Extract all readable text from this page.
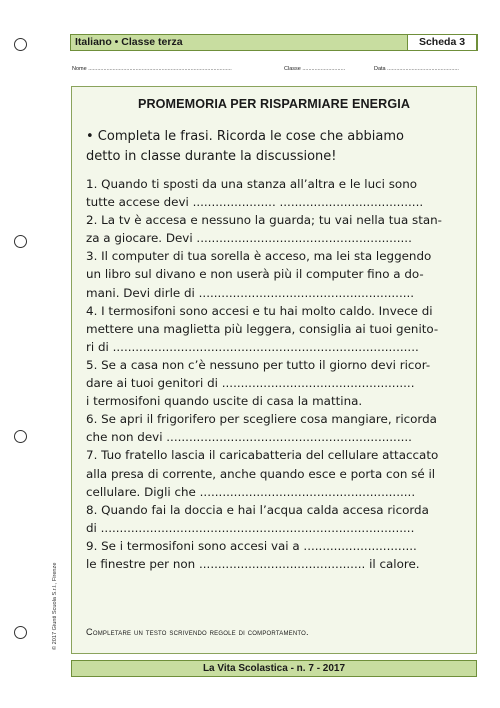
Italiano • Classe terza	Scheda 3
Nome ..............................................................................................	Classe ............................	Data ...............................................
PROMEMORIA PER RISPARMIARE ENERGIA
• Completa le frasi. Ricorda le cose che abbiamo
detto in classe durante la discussione!
1. Quando ti sposti da una stanza all’altra e le luci sono
tutte accese devi ...................... ......................................
2. La tv è accesa e nessuno la guarda; tu vai nella tua stan-
za a giocare. Devi .........................................................
3. Il computer di tua sorella è acceso, ma lei sta leggendo
un libro sul divano e non userà più il computer fino a do-
mani. Devi dirle di .........................................................
4. I termosifoni sono accesi e tu hai molto caldo. Invece di
mettere una maglietta più leggera, consiglia ai tuoi genito-
ri di .................................................................................
5. Se a casa non c’è nessuno per tutto il giorno devi ricor-
dare ai tuoi genitori di ...................................................
i termosifoni quando uscite di casa la mattina.
6. Se apri il frigorifero per scegliere cosa mangiare, ricorda
che non devi .................................................................
7. Tuo fratello lascia il caricabatteria del cellulare attaccato
alla presa di corrente, anche quando esce e porta con sé il
cellulare. Digli che .........................................................
8. Quando fai la doccia e hai l’acqua calda accesa ricorda
di ...................................................................................
9. Se i termosifoni sono accesi vai a ..............................
le finestre per non ............................................ il calore.
Completare un testo scrivendo regole di comportamento.
© 2017 Giunti Scuola S.r.l., Firenze
La Vita Scolastica - n. 7 - 2017
